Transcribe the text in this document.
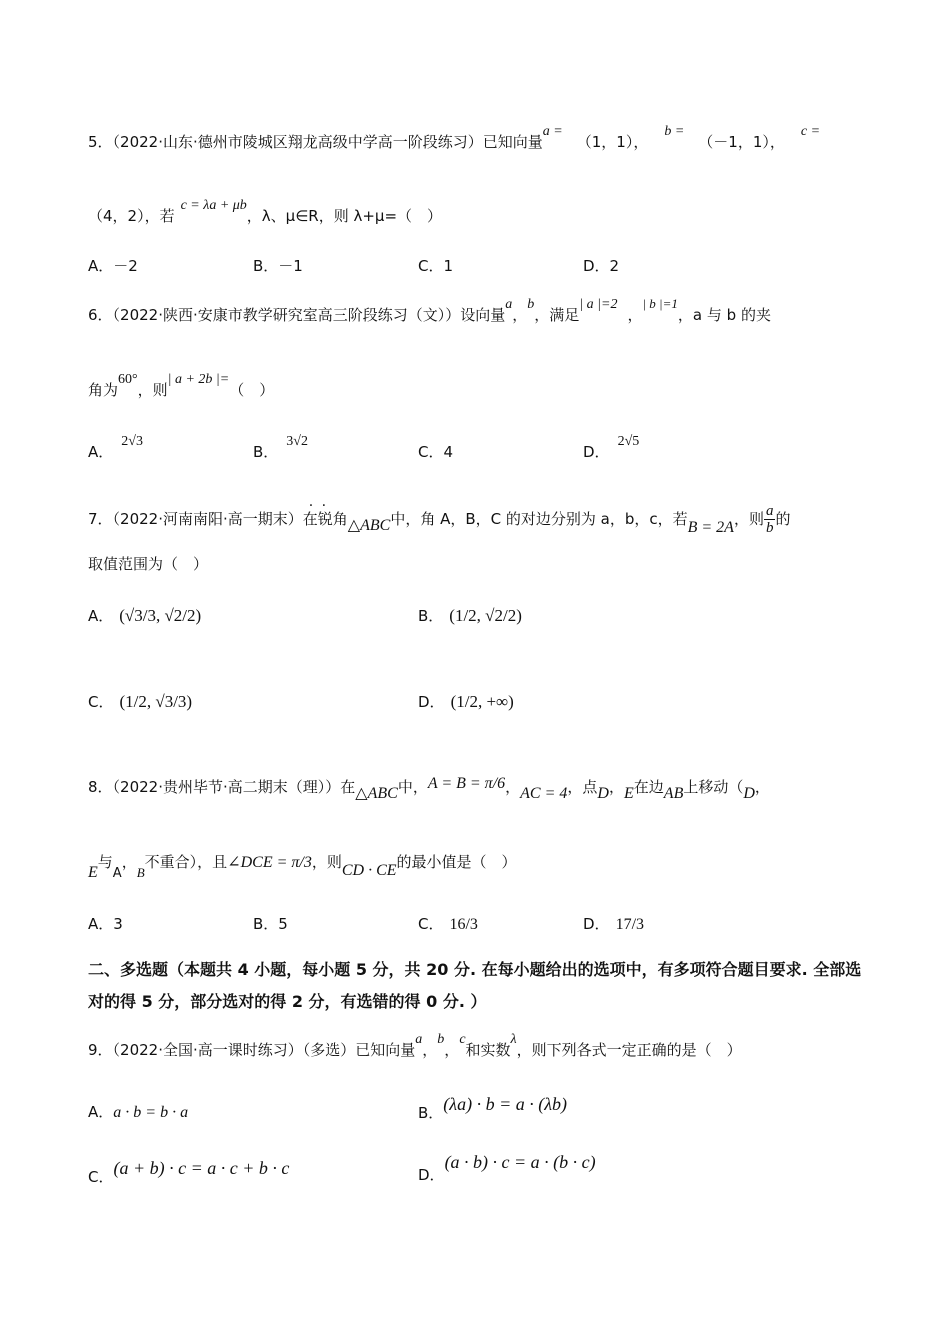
5．（2022·山东·德州市陵城区翔龙高级中学高一阶段练习）已知向量a =（1，1），b =（－1，1），c =
（4，2），若c = λa + μb，λ、μ∈R，则 λ+μ=（　）
A．－2	B．－1	C．1	D．2
6．（2022·陕西·安康市教学研究室高三阶段练习（文））设向量a，b，满足| a |=2，| b |=1，a 与 b 的夹
角为60°，则| a + 2b |=（　）
A．2√3
B．3√2
C．4	D．2√5
7．（2022·河南南阳·高一期末）· · 在锐角△ABC中，角 A，B，C 的对边分别为 a，b，c，若B = 2A，则 $\frac{a}{b}$ 的
取值范围为（　）
A． (√3/3, √2/2)	B． (1/2, √2/2)
C． (1/2, √3/3)	D． (1/2, +∞)
8．（2022·贵州毕节·高二期末（理））在△ABC中，A = B = π/6，AC = 4，点D，E在边AB上移动（D，
E与A，B不重合），且∠DCE = π/3，则CD · CE的最小值是（　）
A．3	B．5	C． 16/3	D． 17/3
二、多选题（本题共 4 小题，每小题 5 分，共 20 分. 在每小题给出的选项中，有多项符合题目要求. 全部选对的得 5 分，部分选对的得 2 分，有选错的得 0 分. ）
9．（2022·全国·高一课时练习）（多选）已知向量a，b，c和实数λ，则下列各式一定正确的是（　）
A．a · b = b · a	B．(λa) · b = a · (λb)
C．(a + b) · c = a · c + b · c	D．(a · b) · c = a · (b · c)
